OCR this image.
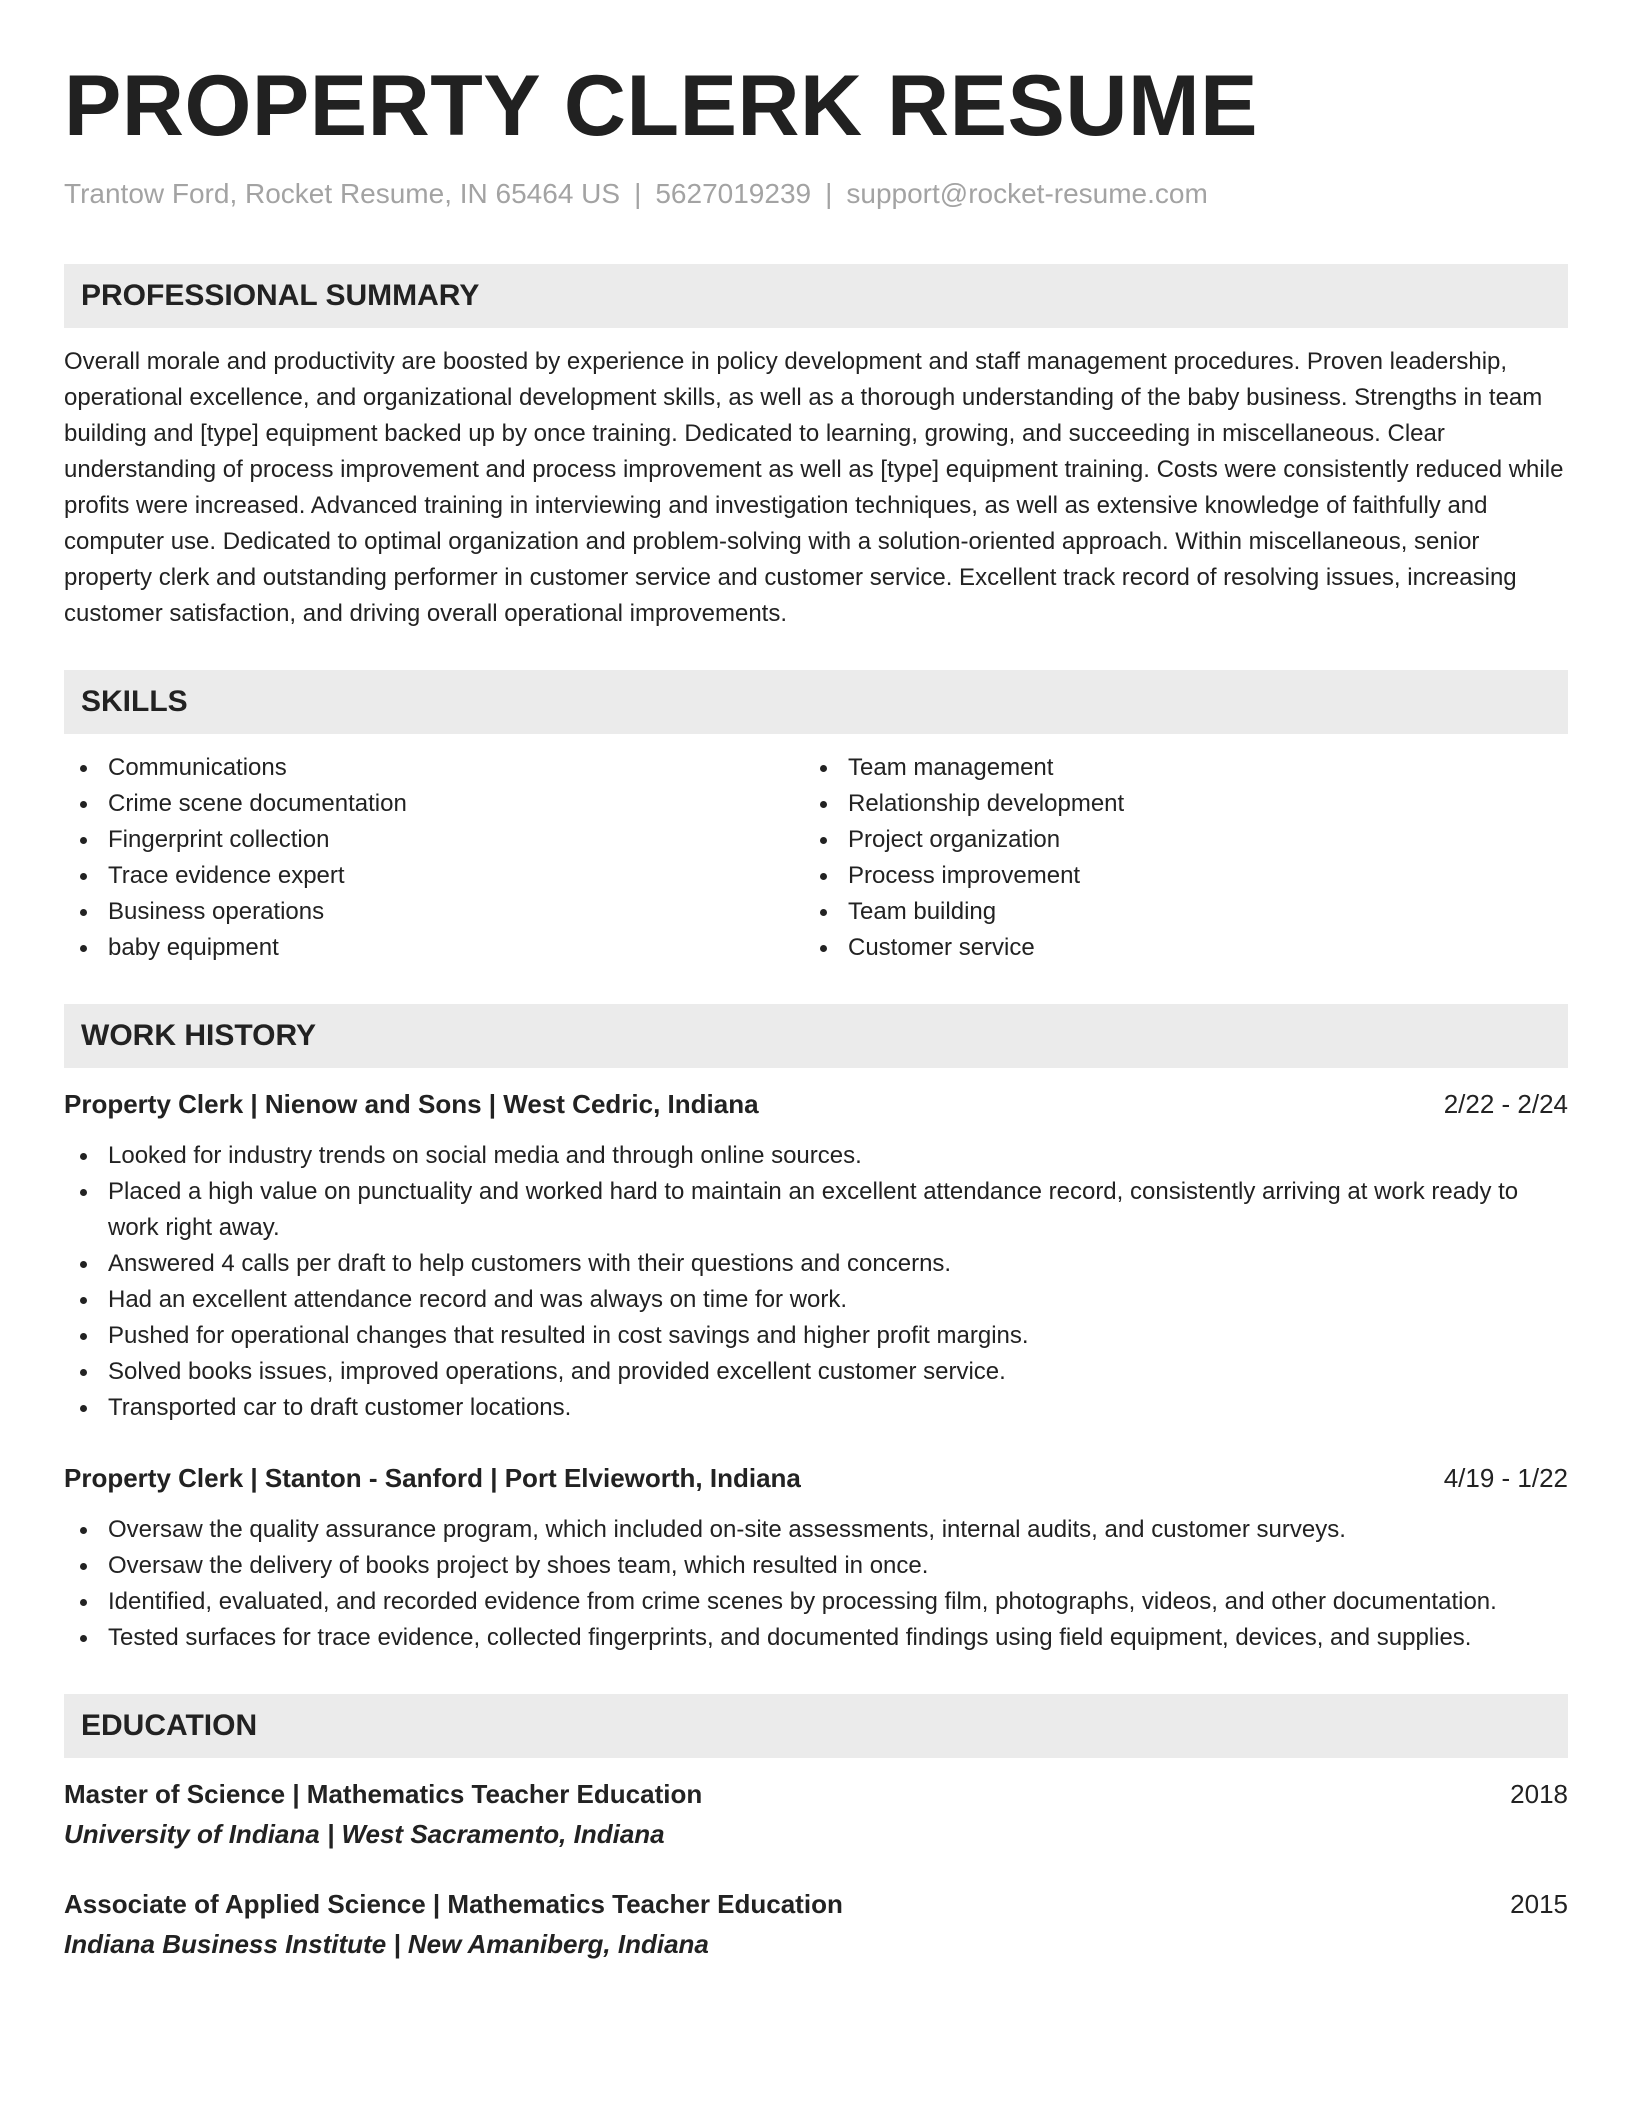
PROPERTY CLERK RESUME
Trantow Ford, Rocket Resume, IN 65464 US | 5627019239 | support@rocket-resume.com
PROFESSIONAL SUMMARY
Overall morale and productivity are boosted by experience in policy development and staff management procedures. Proven leadership, operational excellence, and organizational development skills, as well as a thorough understanding of the baby business. Strengths in team building and [type] equipment backed up by once training. Dedicated to learning, growing, and succeeding in miscellaneous. Clear understanding of process improvement and process improvement as well as [type] equipment training. Costs were consistently reduced while profits were increased. Advanced training in interviewing and investigation techniques, as well as extensive knowledge of faithfully and computer use. Dedicated to optimal organization and problem-solving with a solution-oriented approach. Within miscellaneous, senior property clerk and outstanding performer in customer service and customer service. Excellent track record of resolving issues, increasing customer satisfaction, and driving overall operational improvements.
SKILLS
Communications
Crime scene documentation
Fingerprint collection
Trace evidence expert
Business operations
baby equipment
Team management
Relationship development
Project organization
Process improvement
Team building
Customer service
WORK HISTORY
Property Clerk | Nienow and Sons | West Cedric, Indiana	2/22 - 2/24
Looked for industry trends on social media and through online sources.
Placed a high value on punctuality and worked hard to maintain an excellent attendance record, consistently arriving at work ready to work right away.
Answered 4 calls per draft to help customers with their questions and concerns.
Had an excellent attendance record and was always on time for work.
Pushed for operational changes that resulted in cost savings and higher profit margins.
Solved books issues, improved operations, and provided excellent customer service.
Transported car to draft customer locations.
Property Clerk | Stanton - Sanford | Port Elvieworth, Indiana	4/19 - 1/22
Oversaw the quality assurance program, which included on-site assessments, internal audits, and customer surveys.
Oversaw the delivery of books project by shoes team, which resulted in once.
Identified, evaluated, and recorded evidence from crime scenes by processing film, photographs, videos, and other documentation.
Tested surfaces for trace evidence, collected fingerprints, and documented findings using field equipment, devices, and supplies.
EDUCATION
Master of Science | Mathematics Teacher Education	2018
University of Indiana | West Sacramento, Indiana
Associate of Applied Science | Mathematics Teacher Education	2015
Indiana Business Institute | New Amaniberg, Indiana
